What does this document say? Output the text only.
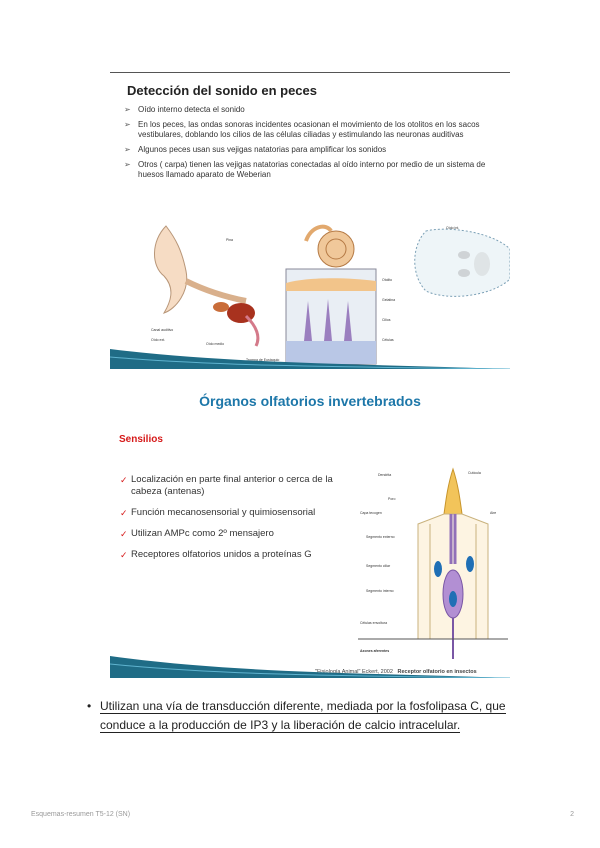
Detección del sonido en peces
➢ Oído interno detecta el sonido
➢ En los peces, las ondas sonoras incidentes ocasionan el movimiento de los otolitos en los sacos vestibulares, doblando los cilios de las células ciliadas y estimulando las neuronas auditivas
➢ Algunos peces usan sus vejigas natatorias para amplificar los sonidos
➢ Otros ( carpa) tienen las vejigas natatorias conectadas al oído interno por medio de un sistema de huesos llamado aparato de Weberian
Pina
Canal auditivo
Oído ext.
Oído medio
Trompa de Eustaquio
Otolito
Gelatina
Cilios
Células
Oído int.
Órganos olfatorios invertebrados
Sensilios
✓ Localización en parte final anterior o cerca de la cabeza (antenas)
✓ Función mecanosensorial y quimiosensorial
✓ Utilizan AMPc como 2º mensajero
✓ Receptores olfatorios unidos a proteínas G
Cutícula
Dendrita
Poro
Capa tecogen	Aire
Segmento externo
Segmento ciliar
Segmento interno
Células envoltura
Axones aferentes
"Fisiología Animal" Eckert, 2002 Receptor olfatorio en insectos
• Utilizan una vía de transducción diferente, mediada por la fosfolipasa C, que conduce a la producción de IP3 y la liberación de calcio intracelular.
Esquemas-resumen T5-12 (SN)	2
